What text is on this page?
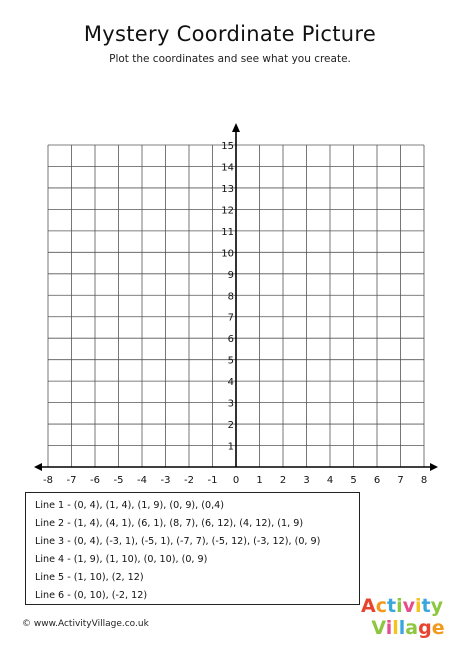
Mystery Coordinate Picture
Plot the coordinates and see what you create.
-8 -7 -6 -5 -4 -3 -2 -1 0 1 2 3 4 5 6 7 8
1
2
3
4
5
6
7
8
9
10
11
12
13
14
15
Line 1 - (0, 4), (1, 4), (1, 9), (0, 9), (0,4)
Line 2 - (1, 4), (4, 1), (6, 1), (8, 7), (6, 12), (4, 12), (1, 9)
Line 3 - (0, 4), (-3, 1), (-5, 1), (-7, 7), (-5, 12), (-3, 12), (0, 9)
Line 4 - (1, 9), (1, 10), (0, 10), (0, 9)
Line 5 - (1, 10), (2, 12)
Line 6 - (0, 10), (-2, 12)
© www.ActivityVillage.co.uk
Activity
Village
